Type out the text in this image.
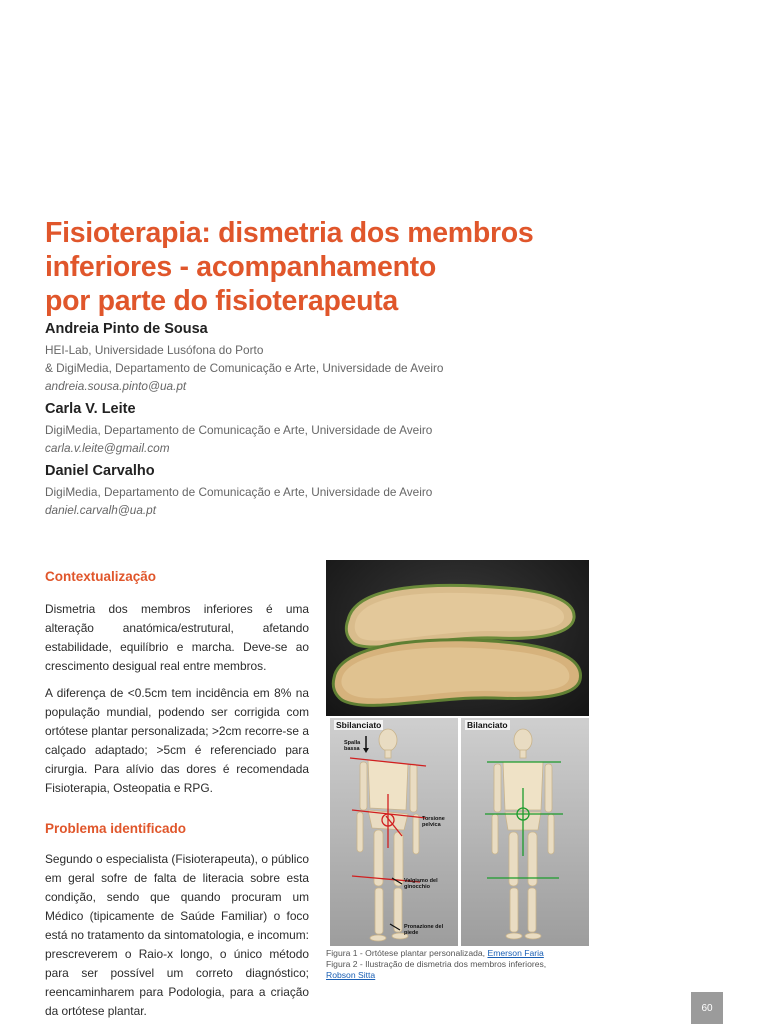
Fisioterapia: dismetria dos membros
inferiores - acompanhamento
por parte do fisioterapeuta
Andreia Pinto de Sousa
HEI-Lab, Universidade Lusófona do Porto
& DigiMedia, Departamento de Comunicação e Arte, Universidade de Aveiro
andreia.sousa.pinto@ua.pt
Carla V. Leite
DigiMedia, Departamento de Comunicação e Arte, Universidade de Aveiro
carla.v.leite@gmail.com
Daniel Carvalho
DigiMedia, Departamento de Comunicação e Arte, Universidade de Aveiro
daniel.carvalh@ua.pt
Contextualização

Dismetria dos membros inferiores é uma alteração anatómica/estrutural, afetando estabilidade, equilíbrio e marcha. Deve-se ao crescimento desigual real entre membros.

A diferença de <0.5cm tem incidência em 8% na população mundial, podendo ser corrigida com ortótese plantar personalizada; >2cm recorre-se a calçado adaptado; >5cm é referenciado para cirurgia. Para alívio das dores é recomendada Fisioterapia, Osteopatia e RPG.

Problema identificado

Segundo o especialista (Fisioterapeuta), o público em geral sofre de falta de literacia sobre esta condição, sendo que quando procuram um Médico (tipicamente de Saúde Familiar) o foco está no tratamento da sintomatologia, e incomum: prescreverem o Raio-x longo, o único método para ser possível um correto diagnóstico; reencaminharem para Podologia, para a criação da ortótese plantar.

Sbilanciato
Spalla bassa
Torsione pelvica
Valgismo del ginocchio
Pronazione del piede
Bilanciato
Figura 1 - Ortótese plantar personalizada, Emerson Faria
Figura 2 - Ilustração de dismetria dos membros inferiores,
Robson Sitta
60
